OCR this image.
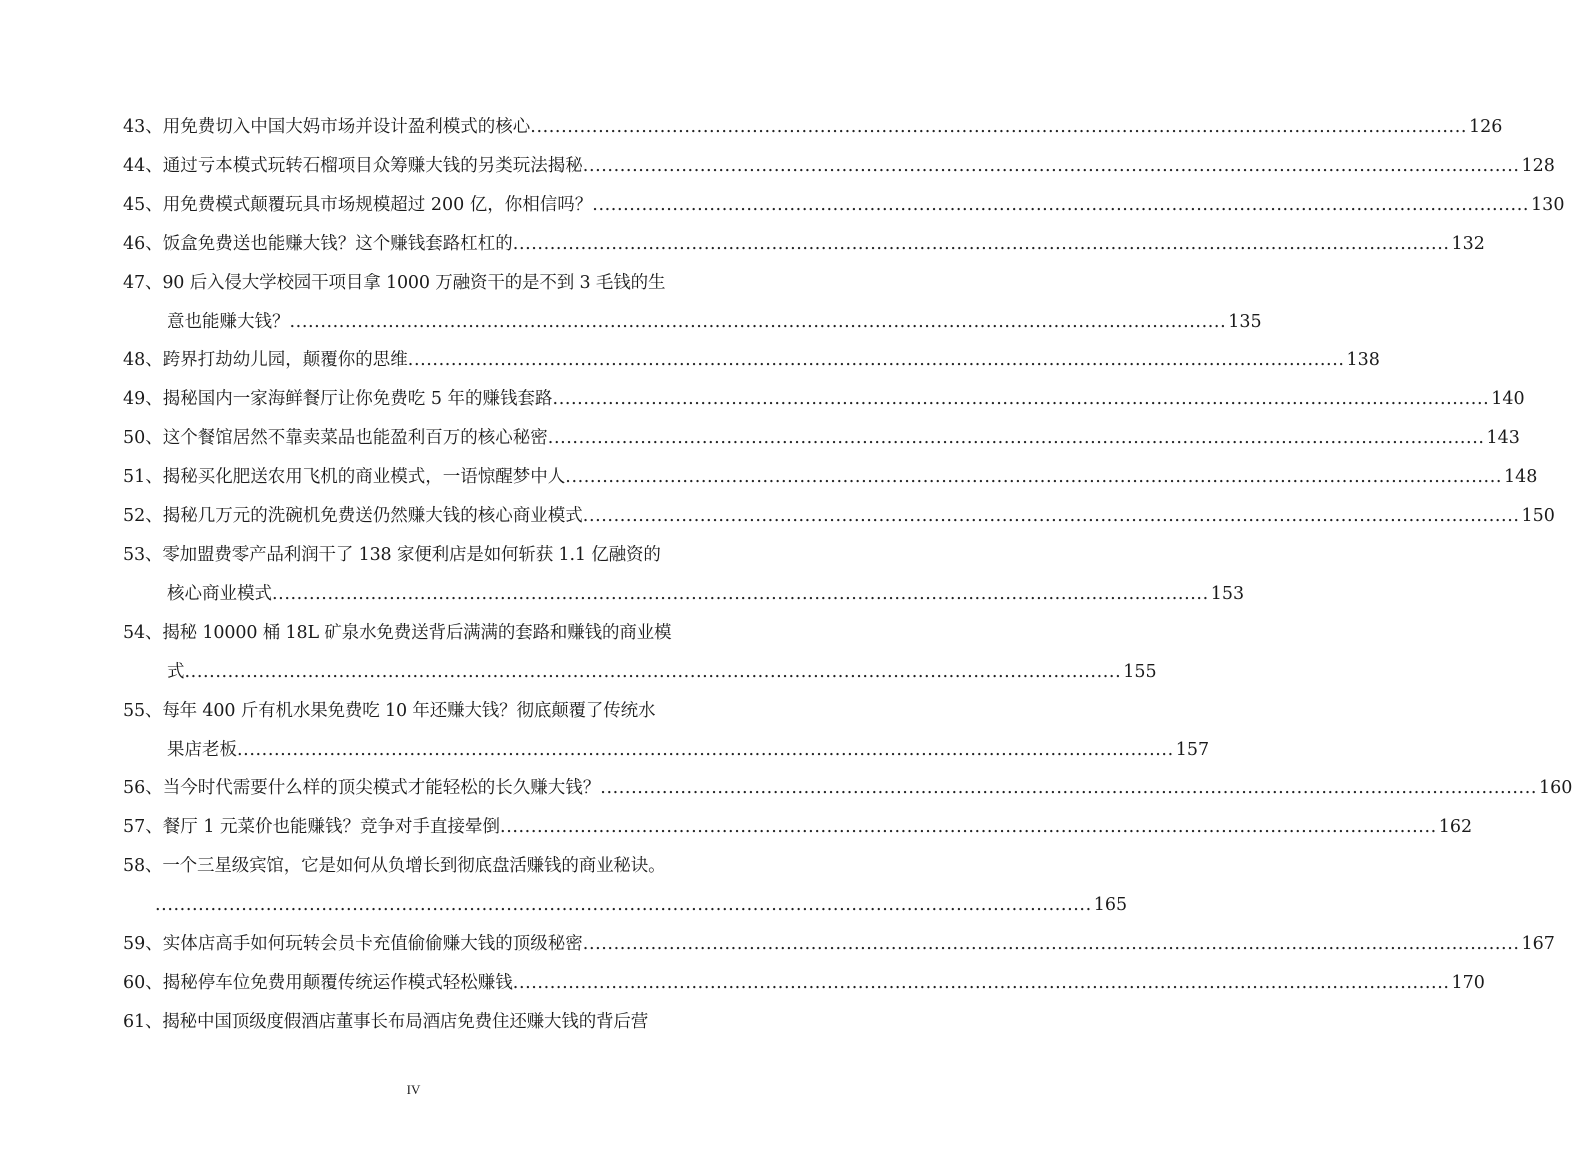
43、用免费切入中国大妈市场并设计盈利模式的核心 ........................................................................................................................................................ 126
44、通过亏本模式玩转石榴项目众筹赚大钱的另类玩法揭秘 ........................................................................................................................................................ 128
45、用免费模式颠覆玩具市场规模超过 200 亿，你相信吗？ ........................................................................................................................................................ 130
46、饭盒免费送也能赚大钱？这个赚钱套路杠杠的 ........................................................................................................................................................ 132
47、90 后入侵大学校园干项目拿 1000 万融资干的是不到 3 毛钱的生
意也能赚大钱？ ........................................................................................................................................................ 135
48、跨界打劫幼儿园，颠覆你的思维 ........................................................................................................................................................ 138
49、揭秘国内一家海鲜餐厅让你免费吃 5 年的赚钱套路 ........................................................................................................................................................ 140
50、这个餐馆居然不靠卖菜品也能盈利百万的核心秘密 ........................................................................................................................................................ 143
51、揭秘买化肥送农用飞机的商业模式，一语惊醒梦中人 ........................................................................................................................................................ 148
52、揭秘几万元的洗碗机免费送仍然赚大钱的核心商业模式 ........................................................................................................................................................ 150
53、零加盟费零产品利润干了 138 家便利店是如何斩获 1.1 亿融资的
核心商业模式 ........................................................................................................................................................ 153
54、揭秘 10000 桶 18L 矿泉水免费送背后满满的套路和赚钱的商业模
式 ........................................................................................................................................................ 155
55、每年 400 斤有机水果免费吃 10 年还赚大钱？彻底颠覆了传统水
果店老板 ........................................................................................................................................................ 157
56、当今时代需要什么样的顶尖模式才能轻松的长久赚大钱？ ........................................................................................................................................................ 160
57、餐厅 1 元菜价也能赚钱？竞争对手直接晕倒 ........................................................................................................................................................ 162
58、一个三星级宾馆，它是如何从负增长到彻底盘活赚钱的商业秘诀。
........................................................................................................................................................ 165
59、实体店高手如何玩转会员卡充值偷偷赚大钱的顶级秘密 ........................................................................................................................................................ 167
60、揭秘停车位免费用颠覆传统运作模式轻松赚钱 ........................................................................................................................................................ 170
61、揭秘中国顶级度假酒店董事长布局酒店免费住还赚大钱的背后营
IV
